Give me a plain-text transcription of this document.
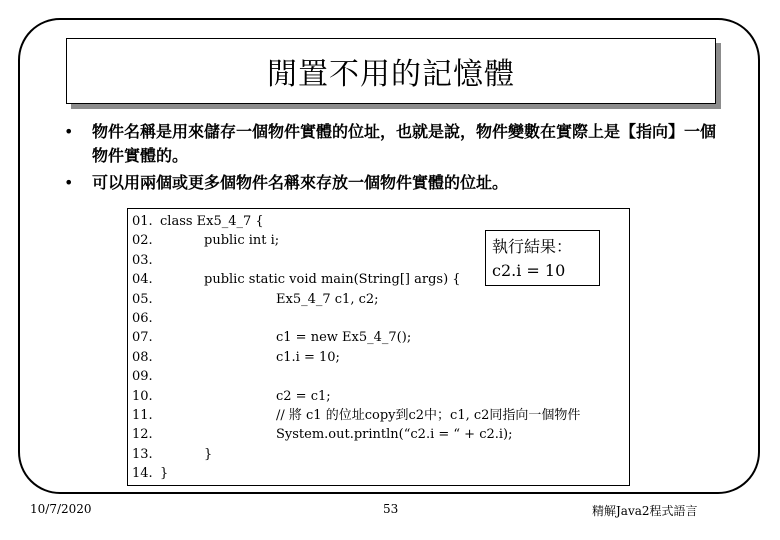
閒置不用的記憶體
• 物件名稱是用來儲存一個物件實體的位址，也就是說，物件變數在實際上是【指向】一個物件實體的。
• 可以用兩個或更多個物件名稱來存放一個物件實體的位址。
01. class Ex5_4_7 {
02.	public int i;
03.
04.	public static void main(String[] args) {
05.	Ex5_4_7 c1, c2;
06.
07.	c1 = new Ex5_4_7();
08.	c1.i = 10;
09.
10.	c2 = c1;
11.	// 將 c1 的位址copy到c2中；c1, c2同指向一個物件
12.	System.out.println(“c2.i = “ + c2.i);
13.	}
14. }
執行結果：
c2.i = 10
10/7/2020	53	精解Java2程式語言
